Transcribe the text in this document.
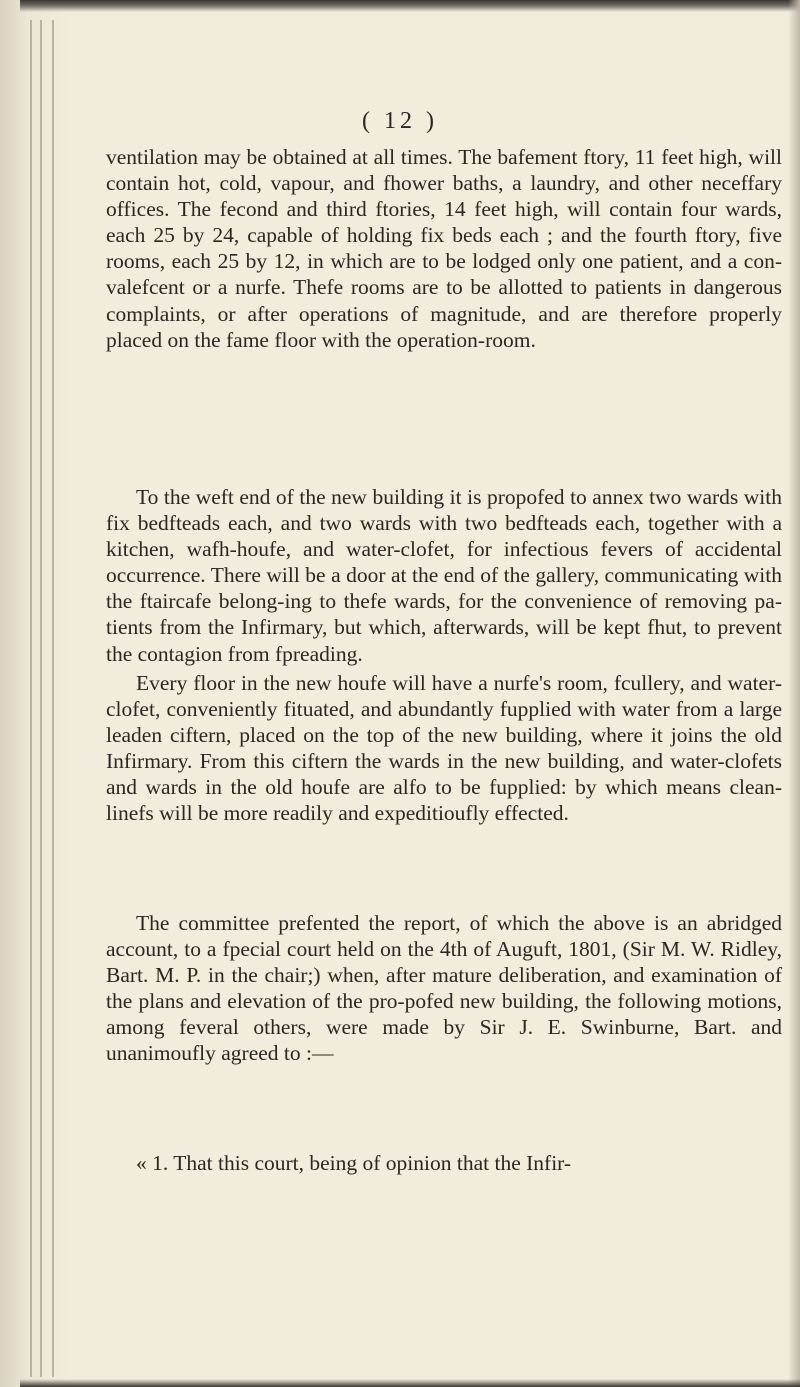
( 12 )

ventilation may be obtained at all times. The bafement ftory, 11 feet high, will contain hot, cold, vapour, and fhower baths, a laundry, and other neceffary offices. The fecond and third ftories, 14 feet high, will contain four wards, each 25 by 24, capable of holding fix beds each ; and the fourth ftory, five rooms, each 25 by 12, in which are to be lodged only one patient, and a con-valefcent or a nurfe. Thefe rooms are to be allotted to patients in dangerous complaints, or after operations of magnitude, and are therefore properly placed on the fame floor with the operation-room.

To the weft end of the new building it is propofed to annex two wards with fix bedfteads each, and two wards with two bedfteads each, together with a kitchen, wafh-houfe, and water-clofet, for infectious fevers of accidental occurrence. There will be a door at the end of the gallery, communicating with the ftaircafe belong-ing to thefe wards, for the convenience of removing pa-tients from the Infirmary, but which, afterwards, will be kept fhut, to prevent the contagion from fpreading.

Every floor in the new houfe will have a nurfe's room, fcullery, and water-clofet, conveniently fituated, and abundantly fupplied with water from a large leaden ciftern, placed on the top of the new building, where it joins the old Infirmary. From this ciftern the wards in the new building, and water-clofets and wards in the old houfe are alfo to be fupplied: by which means clean-linefs will be more readily and expeditioufly effected.

The committee prefented the report, of which the above is an abridged account, to a fpecial court held on the 4th of Auguft, 1801, (Sir M. W. Ridley, Bart. M. P. in the chair;) when, after mature deliberation, and examination of the plans and elevation of the pro-pofed new building, the following motions, among feveral others, were made by Sir J. E. Swinburne, Bart. and unanimoufly agreed to :—

« 1. That this court, being of opinion that the Infir-
